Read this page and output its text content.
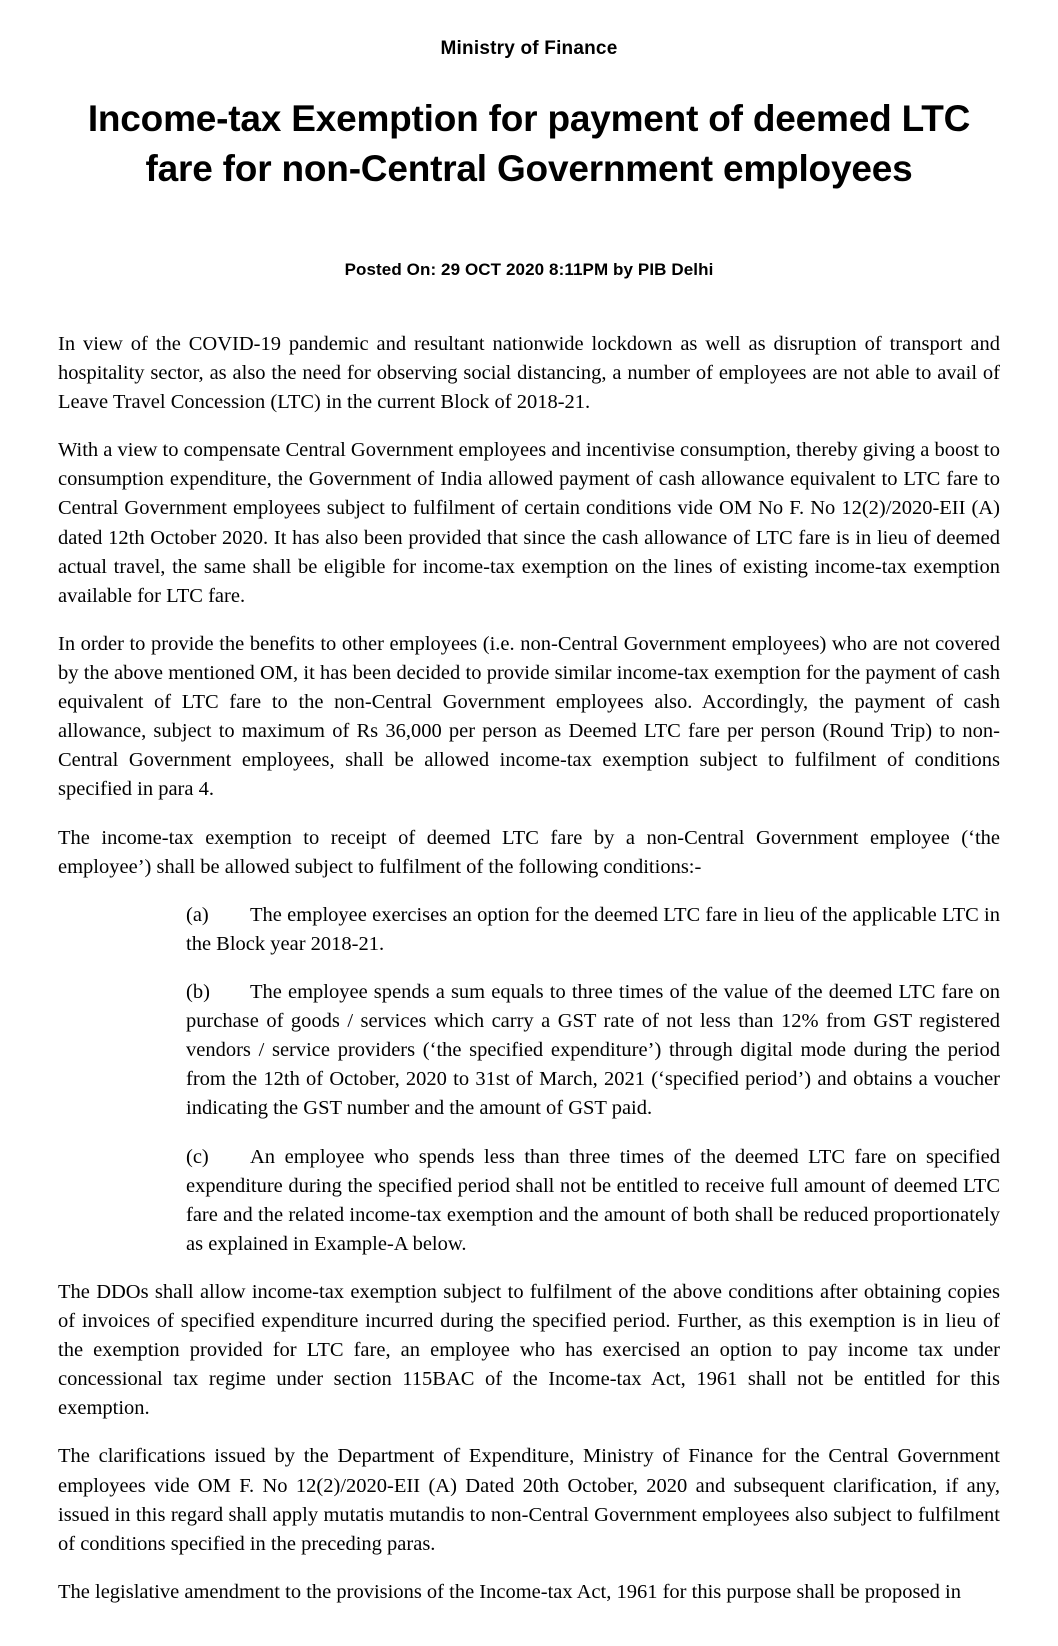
Ministry of Finance
Income-tax Exemption for payment of deemed LTC fare for non-Central Government employees
Posted On: 29 OCT 2020 8:11PM by PIB Delhi

In view of the COVID-19 pandemic and resultant nationwide lockdown as well as disruption of transport and hospitality sector, as also the need for observing social distancing, a number of employees are not able to avail of Leave Travel Concession (LTC) in the current Block of 2018-21.

With a view to compensate Central Government employees and incentivise consumption, thereby giving a boost to consumption expenditure, the Government of India allowed payment of cash allowance equivalent to LTC fare to Central Government employees subject to fulfilment of certain conditions vide OM No F. No 12(2)/2020-EII (A) dated 12th October 2020. It has also been provided that since the cash allowance of LTC fare is in lieu of deemed actual travel, the same shall be eligible for income-tax exemption on the lines of existing income-tax exemption available for LTC fare.

In order to provide the benefits to other employees (i.e. non-Central Government employees) who are not covered by the above mentioned OM, it has been decided to provide similar income-tax exemption for the payment of cash equivalent of LTC fare to the non-Central Government employees also. Accordingly, the payment of cash allowance, subject to maximum of Rs 36,000 per person as Deemed LTC fare per person (Round Trip) to non-Central Government employees, shall be allowed income-tax exemption subject to fulfilment of conditions specified in para 4.

The income-tax exemption to receipt of deemed LTC fare by a non-Central Government employee (‘the employee’) shall be allowed subject to fulfilment of the following conditions:-

(a) The employee exercises an option for the deemed LTC fare in lieu of the applicable LTC in the Block year 2018-21.

(b) The employee spends a sum equals to three times of the value of the deemed LTC fare on purchase of goods / services which carry a GST rate of not less than 12% from GST registered vendors / service providers (‘the specified expenditure’) through digital mode during the period from the 12th of October, 2020 to 31st of March, 2021 (‘specified period’) and obtains a voucher indicating the GST number and the amount of GST paid.

(c) An employee who spends less than three times of the deemed LTC fare on specified expenditure during the specified period shall not be entitled to receive full amount of deemed LTC fare and the related income-tax exemption and the amount of both shall be reduced proportionately as explained in Example-A below.

The DDOs shall allow income-tax exemption subject to fulfilment of the above conditions after obtaining copies of invoices of specified expenditure incurred during the specified period. Further, as this exemption is in lieu of the exemption provided for LTC fare, an employee who has exercised an option to pay income tax under concessional tax regime under section 115BAC of the Income-tax Act, 1961 shall not be entitled for this exemption.

The clarifications issued by the Department of Expenditure, Ministry of Finance for the Central Government employees vide OM F. No 12(2)/2020-EII (A) Dated 20th October, 2020 and subsequent clarification, if any, issued in this regard shall apply mutatis mutandis to non-Central Government employees also subject to fulfilment of conditions specified in the preceding paras.

The legislative amendment to the provisions of the Income-tax Act, 1961 for this purpose shall be proposed in
